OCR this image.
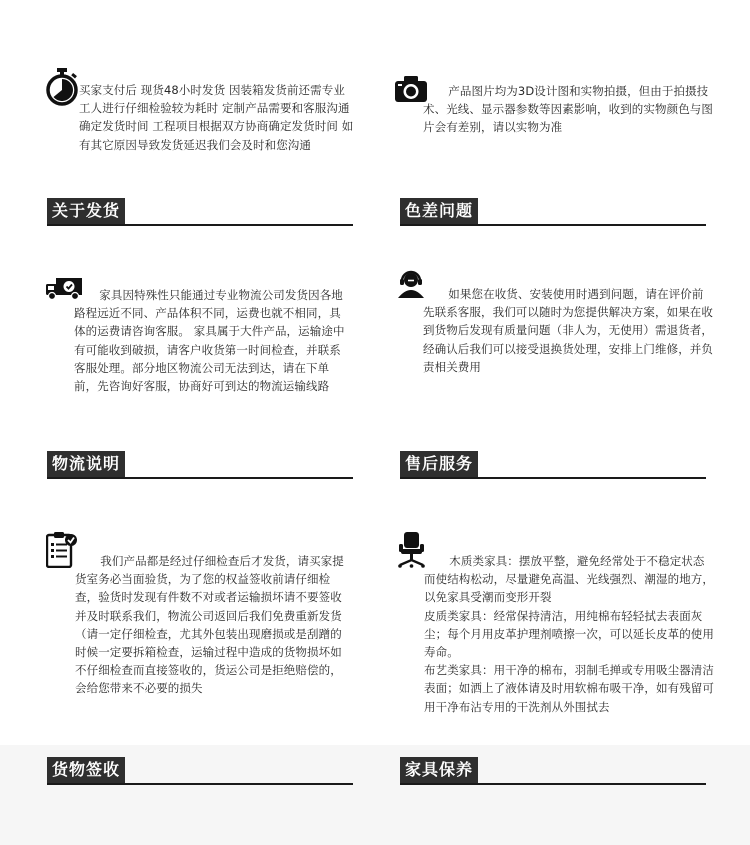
买家支付后 现货48小时发货 因装箱发货前还需专业工人进行仔细检验较为耗时 定制产品需要和客服沟通确定发货时间 工程项目根据双方协商确定发货时间 如有其它原因导致发货延迟我们会及时和您沟通
产品图片均为3D设计图和实物拍摄，但由于拍摄技术、光线、显示器参数等因素影响，收到的实物颜色与图片会有差别，请以实物为准
关于发货	色差问题
家具因特殊性只能通过专业物流公司发货因各地路程远近不同、产品体积不同，运费也就不相同，具体的运费请咨询客服。 家具属于大件产品，运输途中有可能收到破损，请客户收货第一时间检查，并联系客服处理。部分地区物流公司无法到达，请在下单前，先咨询好客服，协商好可到达的物流运输线路
如果您在收货、安装使用时遇到问题，请在评价前先联系客服，我们可以随时为您提供解决方案，如果在收到货物后发现有质量问题（非人为，无使用）需退货者，经确认后我们可以接受退换货处理，安排上门维修，并负责相关费用
物流说明	售后服务
我们产品都是经过仔细检查后才发货，请买家提货室务必当面验货，为了您的权益签收前请仔细检查，验货时发现有件数不对或者运输损坏请不要签收并及时联系我们，物流公司返回后我们免费重新发货（请一定仔细检查，尤其外包装出现磨损或是刮蹭的时候一定要拆箱检查，运输过程中造成的货物损坏如不仔细检查而直接签收的，货运公司是拒绝赔偿的，会给您带来不必要的损失

木质类家具：摆放平整，避免经常处于不稳定状态而使结构松动，尽量避免高温、光线强烈、潮湿的地方，以免家具受潮而变形开裂

皮质类家具：经常保持清洁，用纯棉布轻轻拭去表面灰尘；每个月用皮革护理剂喷擦一次，可以延长皮革的使用寿命。

布艺类家具：用干净的棉布，羽制毛掸或专用吸尘器清洁表面；如洒上了液体请及时用软棉布吸干净，如有残留可用干净布沾专用的干洗剂从外围拭去

货物签收	家具保养
